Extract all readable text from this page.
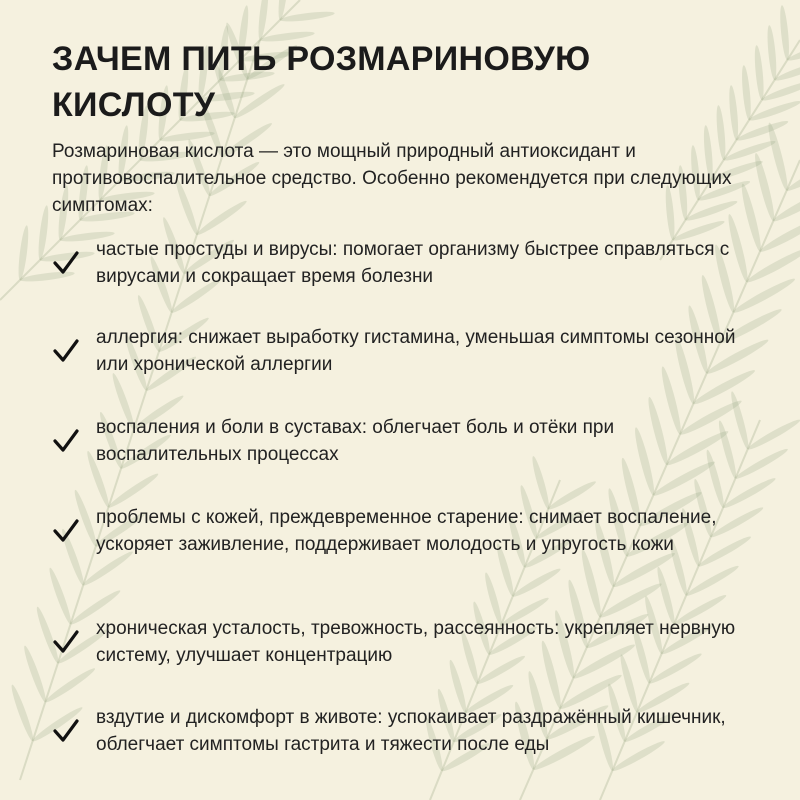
ЗАЧЕМ ПИТЬ РОЗМАРИНОВУЮ КИСЛОТУ

Розмариновая кислота — это мощный природный антиоксидант и противовоспалительное средство. Особенно рекомендуется при следующих симптомах:

частые простуды и вирусы: помогает организму быстрее справляться с вирусами и сокращает время болезни

аллергия: снижает выработку гистамина, уменьшая симптомы сезонной или хронической аллергии

воспаления и боли в суставах: облегчает боль и отёки при воспалительных процессах

проблемы с кожей, преждевременное старение: снимает воспаление, ускоряет заживление, поддерживает молодость и упругость кожи

хроническая усталость, тревожность, рассеянность: укрепляет нервную систему, улучшает концентрацию

вздутие и дискомфорт в животе: успокаивает раздражённый кишечник, облегчает симптомы гастрита и тяжести после еды
